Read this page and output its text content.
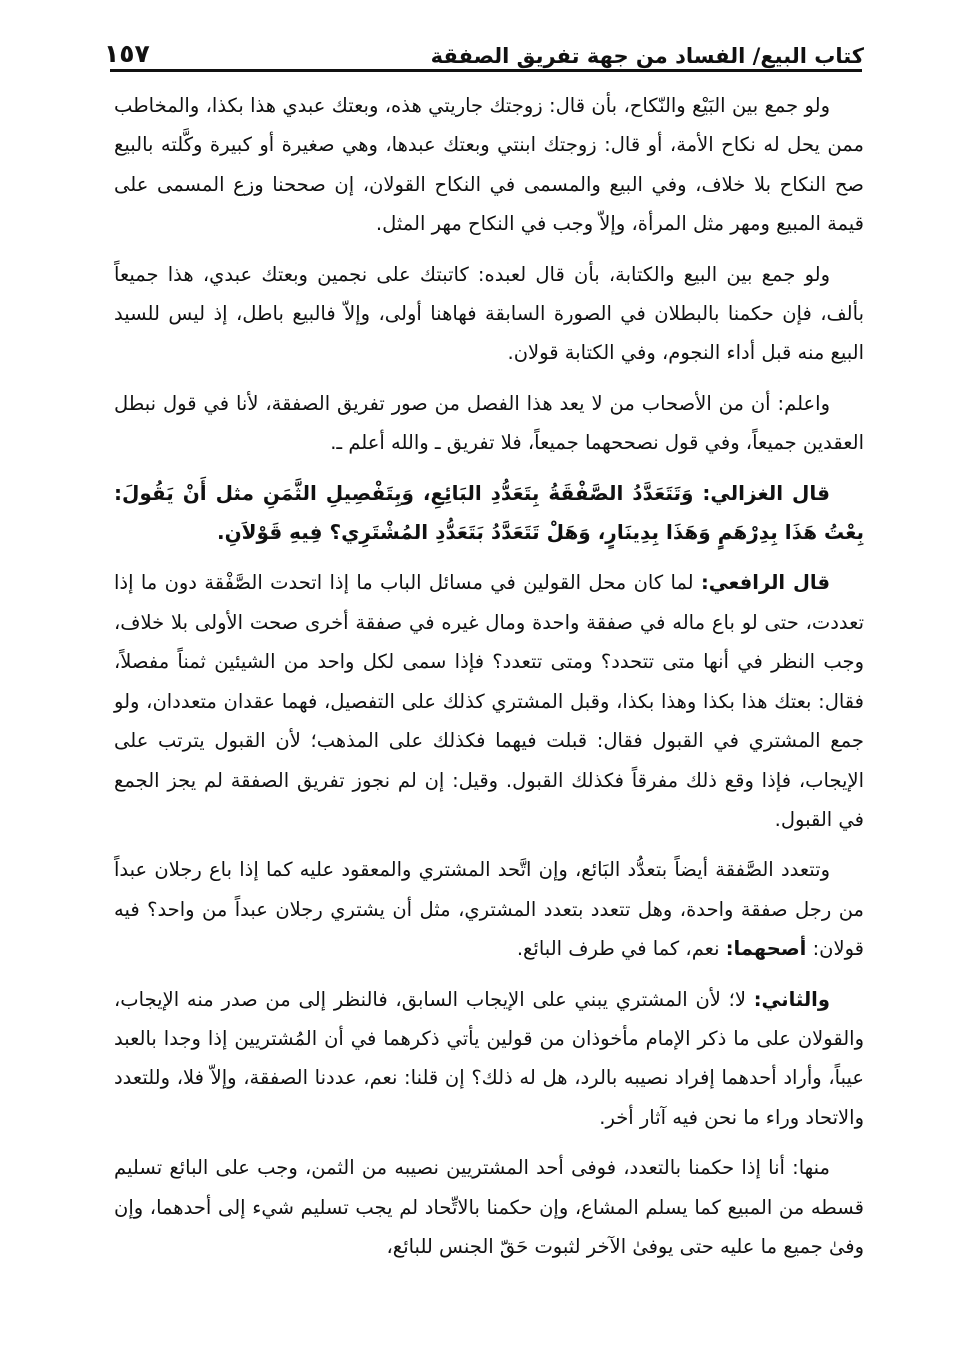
كتاب البيع/ الفساد من جهة تفريق الصفقة
١٥٧

ولو جمع بين البَيْع والنّكاح، بأن قال: زوجتك جاريتي هذه، وبعتك عبدي هذا بكذا، والمخاطب ممن يحل له نكاح الأمة، أو قال: زوجتك ابنتي وبعتك عبدها، وهي صغيرة أو كبيرة وكَّلته بالبيع صح النكاح بلا خلاف، وفي البيع والمسمى في النكاح القولان، إن صححنا وزع المسمى على قيمة المبيع ومهر مثل المرأة، وإلاّ وجب في النكاح مهر المثل.

ولو جمع بين البيع والكتابة، بأن قال لعبده: كاتبتك على نجمين وبعتك عبدي، هذا جميعاً بألف، فإن حكمنا بالبطلان في الصورة السابقة فهاهنا أولى، وإلاّ فالبيع باطل، إذ ليس للسيد البيع منه قبل أداء النجوم، وفي الكتابة قولان.

واعلم: أن من الأصحاب من لا يعد هذا الفصل من صور تفريق الصفقة، لأنا في قول نبطل العقدين جميعاً، وفي قول نصححهما جميعاً، فلا تفريق ـ والله أعلم ـ.

قال الغزالي: وَتَتَعَدَّدُ الصَّفْقَةُ بِتَعَدُّدِ البَائِعِ، وَبِتَفْصِيلِ الثَّمَنِ مثل أَنْ يَقُولَ: بِعْتُ هَذَا بِدِرْهَمٍ وَهَذَا بِدِينَارٍ، وَهَلْ تَتَعَدَّدُ بَتَعَدُّدِ المُشْتَرِي؟ فِيهِ قَوْلاَنِ.

قال الرافعي: لما كان محل القولين في مسائل الباب ما إذا اتحدت الصَّفْقة دون ما إذا تعددت، حتى لو باع ماله في صفقة واحدة ومال غيره في صفقة أخرى صحت الأولى بلا خلاف، وجب النظر في أنها متى تتحدد؟ ومتى تتعدد؟ فإذا سمى لكل واحد من الشيئين ثمناً مفصلاً، فقال: بعتك هذا بكذا وهذا بكذا، وقبل المشتري كذلك على التفصيل، فهما عقدان متعددان، ولو جمع المشتري في القبول فقال: قبلت فيهما فكذلك على المذهب؛ لأن القبول يترتب على الإيجاب، فإذا وقع ذلك مفرقاً فكذلك القبول. وقيل: إن لم نجوز تفريق الصفقة لم يجز الجمع في القبول.

وتتعدد الصَّفقة أيضاً بتعدُّد البَائع، وإن اتَّحد المشتري والمعقود عليه كما إذا باع رجلان عبداً من رجل صفقة واحدة، وهل تتعدد بتعدد المشتري، مثل أن يشتري رجلان عبداً من واحد؟ فيه قولان: أصحهما: نعم، كما في طرف البائع.

والثاني: لا؛ لأن المشتري يبني على الإيجاب السابق، فالنظر إلى من صدر منه الإيجاب، والقولان على ما ذكر الإمام مأخوذان من قولين يأتي ذكرهما في أن المُشتريين إذا وجدا بالعبد عيباً، وأراد أحدهما إفراد نصيبه بالرد، هل له ذلك؟ إن قلنا: نعم، عددنا الصفقة، وإلاّ فلا، وللتعدد والاتحاد وراء ما نحن فيه آثار أخر.

منها: أنا إذا حكمنا بالتعدد، فوفى أحد المشتريين نصيبه من الثمن، وجب على البائع تسليم قسطه من المبيع كما يسلم المشاع، وإن حكمنا بالاتِّحاد لم يجب تسليم شيء إلى أحدهما، وإن وفىٰ جميع ما عليه حتى يوفىٰ الآخر لثبوت حَقّ الجنس للبائع،
